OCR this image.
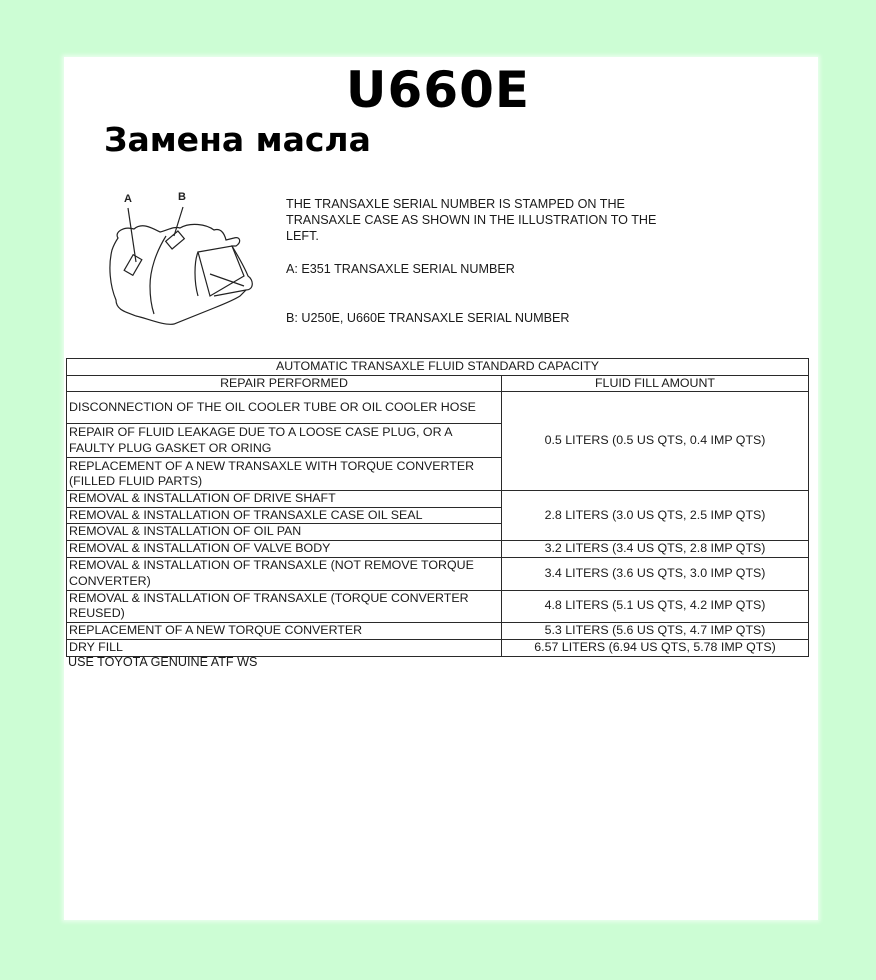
U660E
Замена масла
A	B	THE TRANSAXLE SERIAL NUMBER IS STAMPED ON THE

TRANSAXLE CASE AS SHOWN IN THE ILLUSTRATION TO THE

LEFT.

A: E351 TRANSAXLE SERIAL NUMBER

B: U250E, U660E TRANSAXLE SERIAL NUMBER

AUTOMATIC TRANSAXLE FLUID STANDARD CAPACITY	
REPAIR PERFORMED	FLUID FILL AMOUNT
DISCONNECTION OF THE OIL COOLER TUBE OR OIL COOLER HOSE	0.5 LITERS (0.5 US QTS, 0.4 IMP QTS)
REPAIR OF FLUID LEAKAGE DUE TO A LOOSE CASE PLUG, OR A FAULTY PLUG GASKET OR ORING	
REPLACEMENT OF A NEW TRANSAXLE WITH TORQUE CONVERTER (FILLED FLUID PARTS)	
REMOVAL & INSTALLATION OF DRIVE SHAFT	2.8 LITERS (3.0 US QTS, 2.5 IMP QTS)
REMOVAL & INSTALLATION OF TRANSAXLE CASE OIL SEAL	
REMOVAL & INSTALLATION OF OIL PAN	
REMOVAL & INSTALLATION OF VALVE BODY	3.2 LITERS (3.4 US QTS, 2.8 IMP QTS)
REMOVAL & INSTALLATION OF TRANSAXLE (NOT REMOVE TORQUE CONVERTER)	3.4 LITERS (3.6 US QTS, 3.0 IMP QTS)
REMOVAL & INSTALLATION OF TRANSAXLE (TORQUE CONVERTER REUSED)	4.8 LITERS (5.1 US QTS, 4.2 IMP QTS)
REPLACEMENT OF A NEW TORQUE CONVERTER	5.3 LITERS (5.6 US QTS, 4.7 IMP QTS)
DRY FILL	6.57 LITERS (6.94 US QTS, 5.78 IMP QTS)
USE TOYOTA GENUINE ATF WS
